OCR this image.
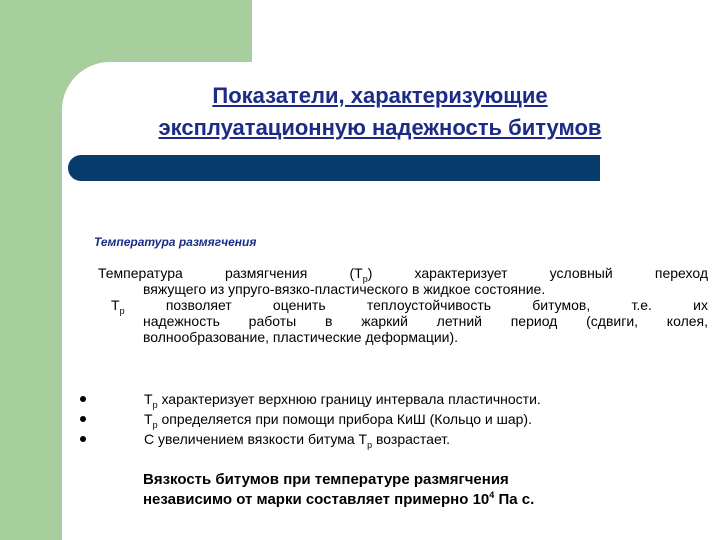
Показатели, характеризующие
эксплуатационную надежность битумов
Температура размягчения
Температура размягчения $(Т_р)$ характеризует условный переход
вяжущего из упруго-вязко-пластического в жидкое состояние.
$Т_р$ позволяет оценить теплоустойчивость битумов, т.е. их
надежность работы в жаркий летний период (сдвиги, колея,
волнообразование, пластические деформации).
$Т_р$ характеризует верхнюю границу интервала пластичности.
$Т_р$ определяется при помощи прибора КиШ (Кольцо и шар).
С увеличением вязкости битума $Т_р$ возрастает.
Вязкость битумов при температуре размягчения
независимо от марки составляет примерно $10^4$ Па с.
